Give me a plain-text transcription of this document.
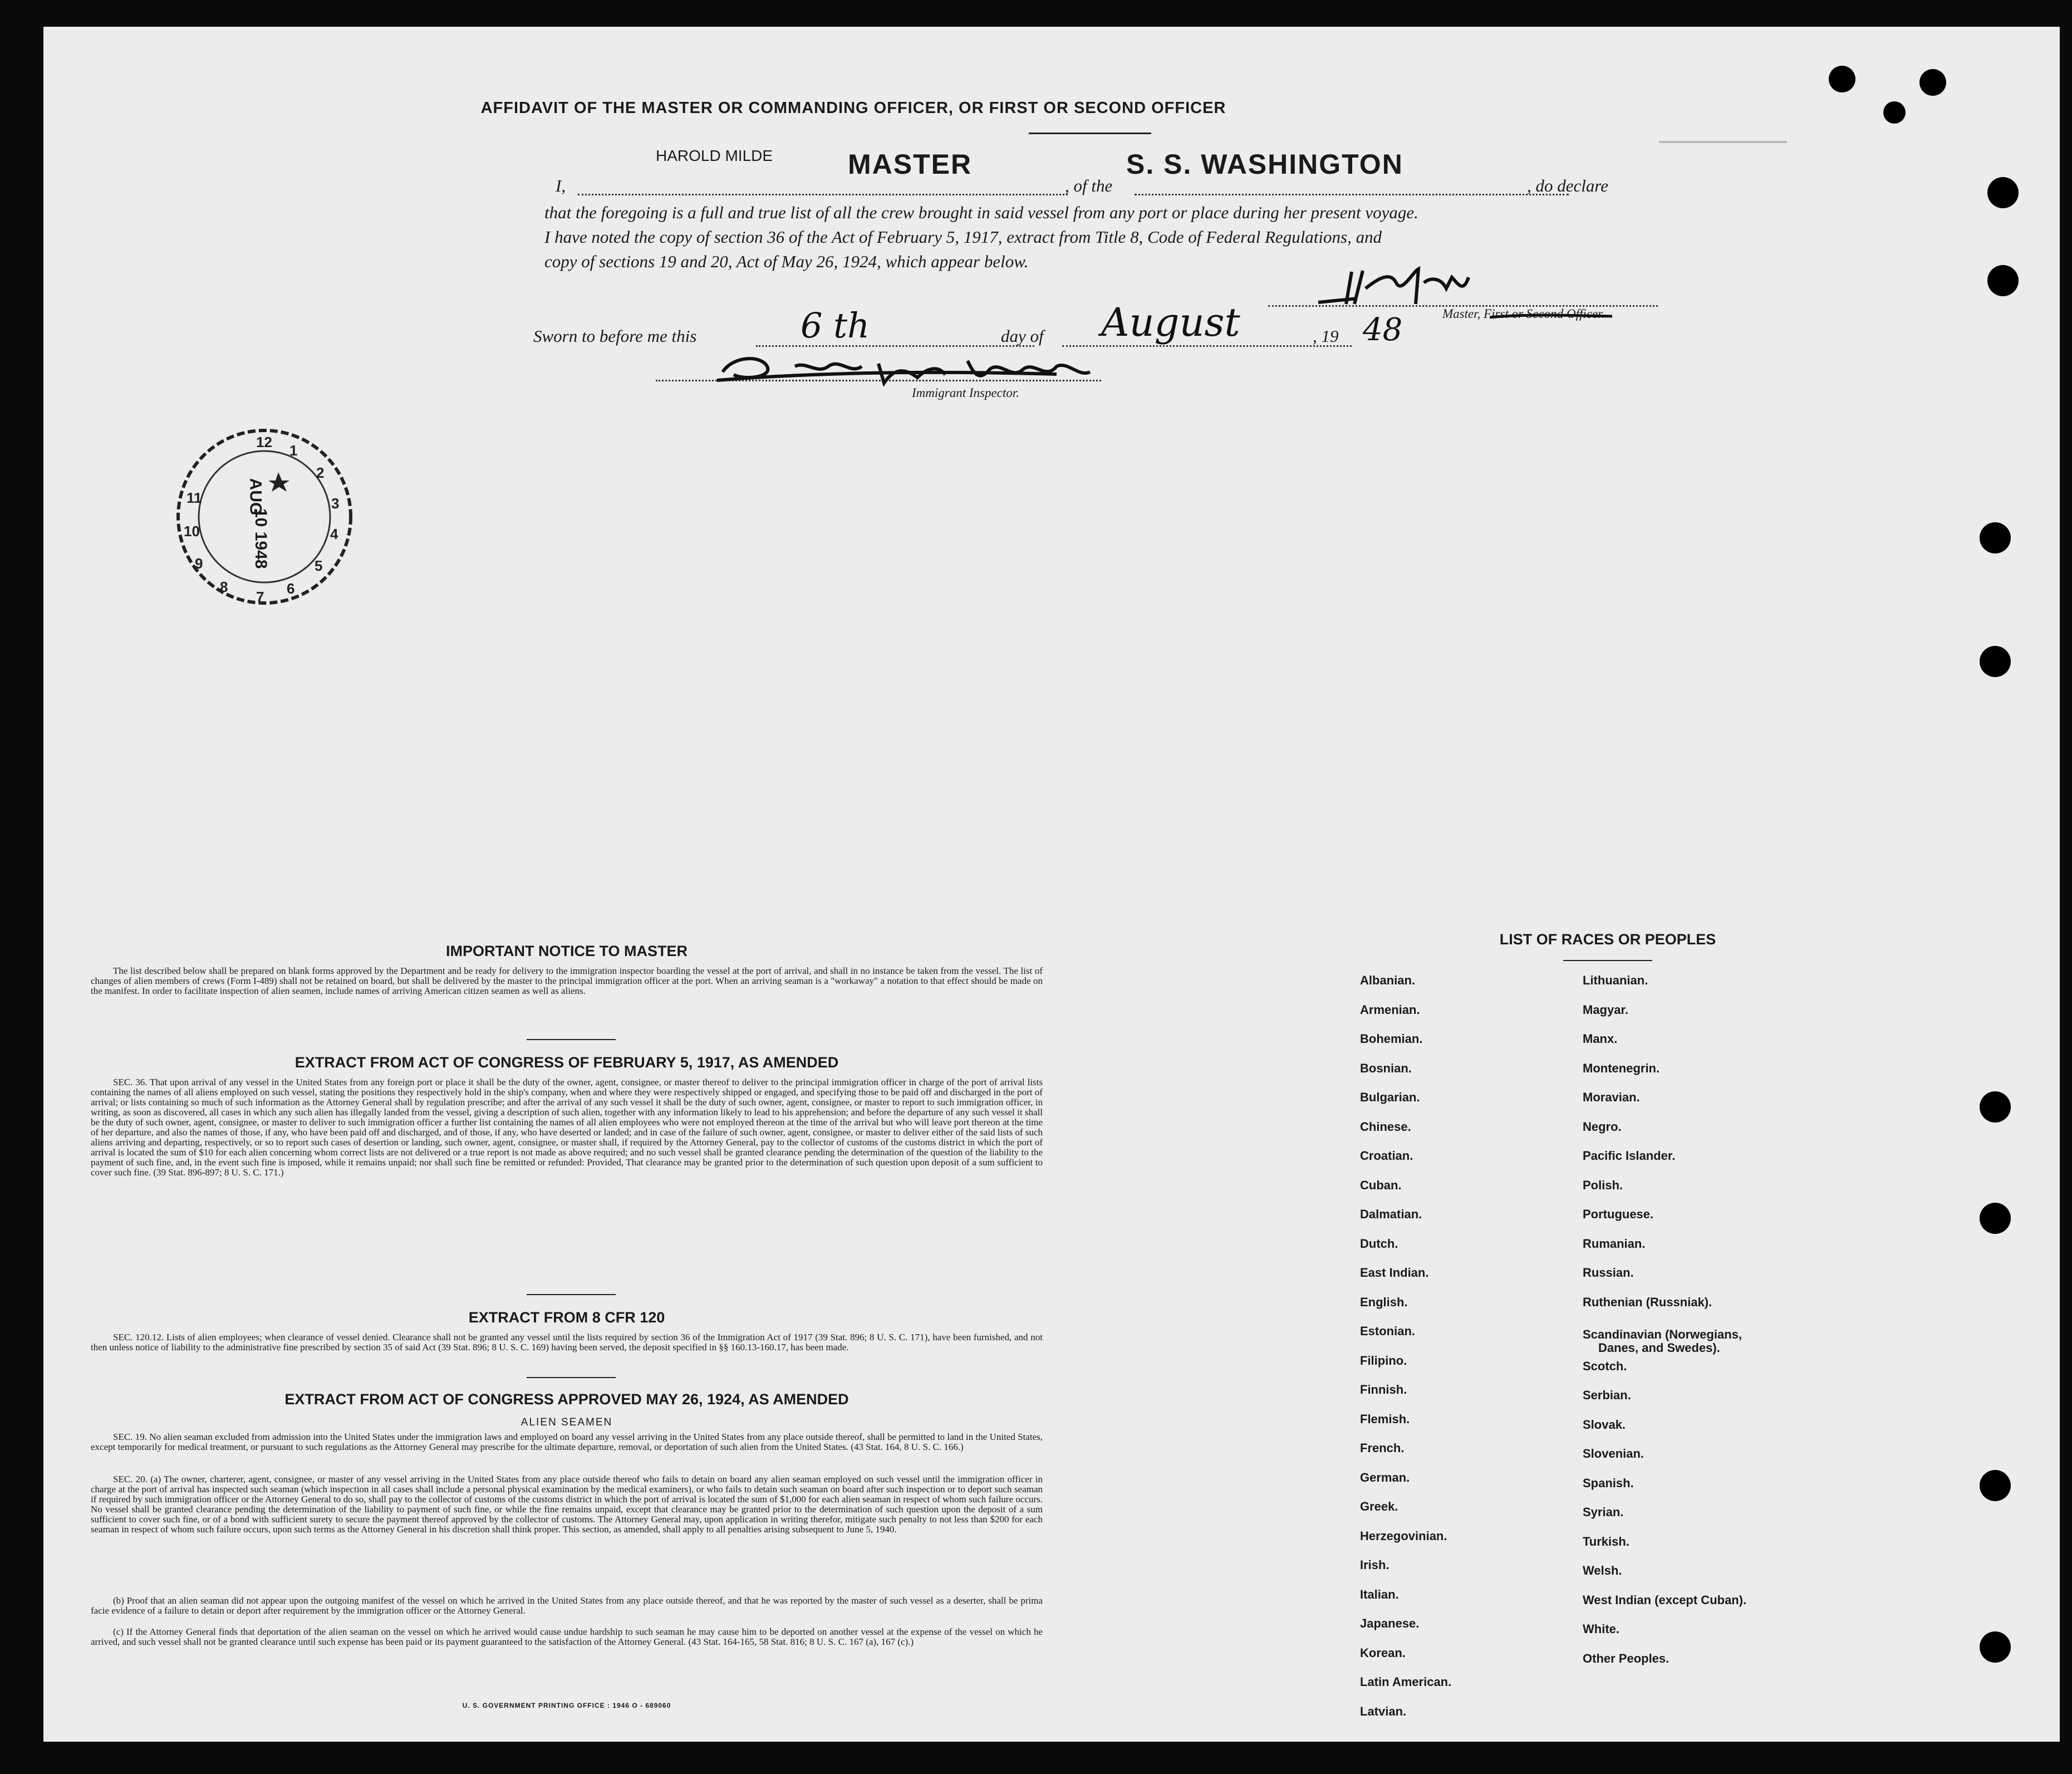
AFFIDAVIT OF THE MASTER OR COMMANDING OFFICER, OR FIRST OR SECOND OFFICER
I,
HAROLD MILDE	MASTER
, of the
S. S. WASHINGTON
, do declare
that the foregoing is a full and true list of all the crew brought in said vessel from any port or place during her present voyage.
I have noted the copy of section 36 of the Act of February 5, 1917, extract from Title 8, Code of Federal Regulations, and
copy of sections 19 and 20, Act of May 26, 1924, which appear below.
Master, First or Second Officer.
Sworn to before me this	6 th	day of August	, 19 48
Immigrant Inspector.
12 1
2
3
4
5
6
7
8
9
10
11	AUG
10 1948
IMPORTANT NOTICE TO MASTER
The list described below shall be prepared on blank forms approved by the Department and be ready for delivery to the immigration inspector boarding the vessel at the port of arrival, and shall in no instance be taken from the vessel. The list of changes of alien members of crews (Form I-489) shall not be retained on board, but shall be delivered by the master to the principal immigration officer at the port. When an arriving seaman is a "workaway" a notation to that effect should be made on the manifest. In order to facilitate inspection of alien seamen, include names of arriving American citizen seamen as well as aliens.
EXTRACT FROM ACT OF CONGRESS OF FEBRUARY 5, 1917, AS AMENDED
SEC. 36. That upon arrival of any vessel in the United States from any foreign port or place it shall be the duty of the owner, agent, consignee, or master thereof to deliver to the principal immigration officer in charge of the port of arrival lists containing the names of all aliens employed on such vessel, stating the positions they respectively hold in the ship's company, when and where they were respectively shipped or engaged, and specifying those to be paid off and discharged in the port of arrival; or lists containing so much of such information as the Attorney General shall by regulation prescribe; and after the arrival of any such vessel it shall be the duty of such owner, agent, consignee, or master to report to such immigration officer, in writing, as soon as discovered, all cases in which any such alien has illegally landed from the vessel, giving a description of such alien, together with any information likely to lead to his apprehension; and before the departure of any such vessel it shall be the duty of such owner, agent, consignee, or master to deliver to such immigration officer a further list containing the names of all alien employees who were not employed thereon at the time of the arrival but who will leave port thereon at the time of her departure, and also the names of those, if any, who have been paid off and discharged, and of those, if any, who have deserted or landed; and in case of the failure of such owner, agent, consignee, or master to deliver either of the said lists of such aliens arriving and departing, respectively, or so to report such cases of desertion or landing, such owner, agent, consignee, or master shall, if required by the Attorney General, pay to the collector of customs of the customs district in which the port of arrival is located the sum of $10 for each alien concerning whom correct lists are not delivered or a true report is not made as above required; and no such vessel shall be granted clearance pending the determination of the question of the liability to the payment of such fine, and, in the event such fine is imposed, while it remains unpaid; nor shall such fine be remitted or refunded: Provided, That clearance may be granted prior to the determination of such question upon deposit of a sum sufficient to cover such fine. (39 Stat. 896-897; 8 U. S. C. 171.)
EXTRACT FROM 8 CFR 120
SEC. 120.12. Lists of alien employees; when clearance of vessel denied. Clearance shall not be granted any vessel until the lists required by section 36 of the Immigration Act of 1917 (39 Stat. 896; 8 U. S. C. 171), have been furnished, and not then unless notice of liability to the administrative fine prescribed by section 35 of said Act (39 Stat. 896; 8 U. S. C. 169) having been served, the deposit specified in §§ 160.13-160.17, has been made.
EXTRACT FROM ACT OF CONGRESS APPROVED MAY 26, 1924, AS AMENDED
ALIEN SEAMEN
SEC. 19. No alien seaman excluded from admission into the United States under the immigration laws and employed on board any vessel arriving in the United States from any place outside thereof, shall be permitted to land in the United States, except temporarily for medical treatment, or pursuant to such regulations as the Attorney General may prescribe for the ultimate departure, removal, or deportation of such alien from the United States. (43 Stat. 164, 8 U. S. C. 166.)
SEC. 20. (a) The owner, charterer, agent, consignee, or master of any vessel arriving in the United States from any place outside thereof who fails to detain on board any alien seaman employed on such vessel until the immigration officer in charge at the port of arrival has inspected such seaman (which inspection in all cases shall include a personal physical examination by the medical examiners), or who fails to detain such seaman on board after such inspection or to deport such seaman if required by such immigration officer or the Attorney General to do so, shall pay to the collector of customs of the customs district in which the port of arrival is located the sum of $1,000 for each alien seaman in respect of whom such failure occurs. No vessel shall be granted clearance pending the determination of the liability to payment of such fine, or while the fine remains unpaid, except that clearance may be granted prior to the determination of such question upon the deposit of a sum sufficient to cover such fine, or of a bond with sufficient surety to secure the payment thereof approved by the collector of customs. The Attorney General may, upon application in writing therefor, mitigate such penalty to not less than $200 for each seaman in respect of whom such failure occurs, upon such terms as the Attorney General in his discretion shall think proper. This section, as amended, shall apply to all penalties arising subsequent to June 5, 1940.
(b) Proof that an alien seaman did not appear upon the outgoing manifest of the vessel on which he arrived in the United States from any place outside thereof, and that he was reported by the master of such vessel as a deserter, shall be prima facie evidence of a failure to detain or deport after requirement by the immigration officer or the Attorney General.
(c) If the Attorney General finds that deportation of the alien seaman on the vessel on which he arrived would cause undue hardship to such seaman he may cause him to be deported on another vessel at the expense of the vessel on which he arrived, and such vessel shall not be granted clearance until such expense has been paid or its payment guaranteed to the satisfaction of the Attorney General. (43 Stat. 164-165, 58 Stat. 816; 8 U. S. C. 167 (a), 167 (c).)
U. S. GOVERNMENT PRINTING OFFICE : 1946 O - 689060
LIST OF RACES OR PEOPLES
Albanian.
Armenian.
Bohemian.
Bosnian.
Bulgarian.
Chinese.
Croatian.
Cuban.
Dalmatian.
Dutch.
East Indian.
English.
Estonian.
Filipino.
Finnish.
Flemish.
French.
German.
Greek.
Herzegovinian.
Irish.
Italian.
Japanese.
Korean.
Latin American.
Latvian.
Lithuanian.
Magyar.
Manx.
Montenegrin.
Moravian.
Negro.
Pacific Islander.
Polish.
Portuguese.
Rumanian.
Russian.
Ruthenian (Russniak).
Scandinavian (Norwegians,
Danes, and Swedes).
Scotch.
Serbian.
Slovak.
Slovenian.
Spanish.
Syrian.
Turkish.
Welsh.
West Indian (except Cuban).
White.
Other Peoples.
